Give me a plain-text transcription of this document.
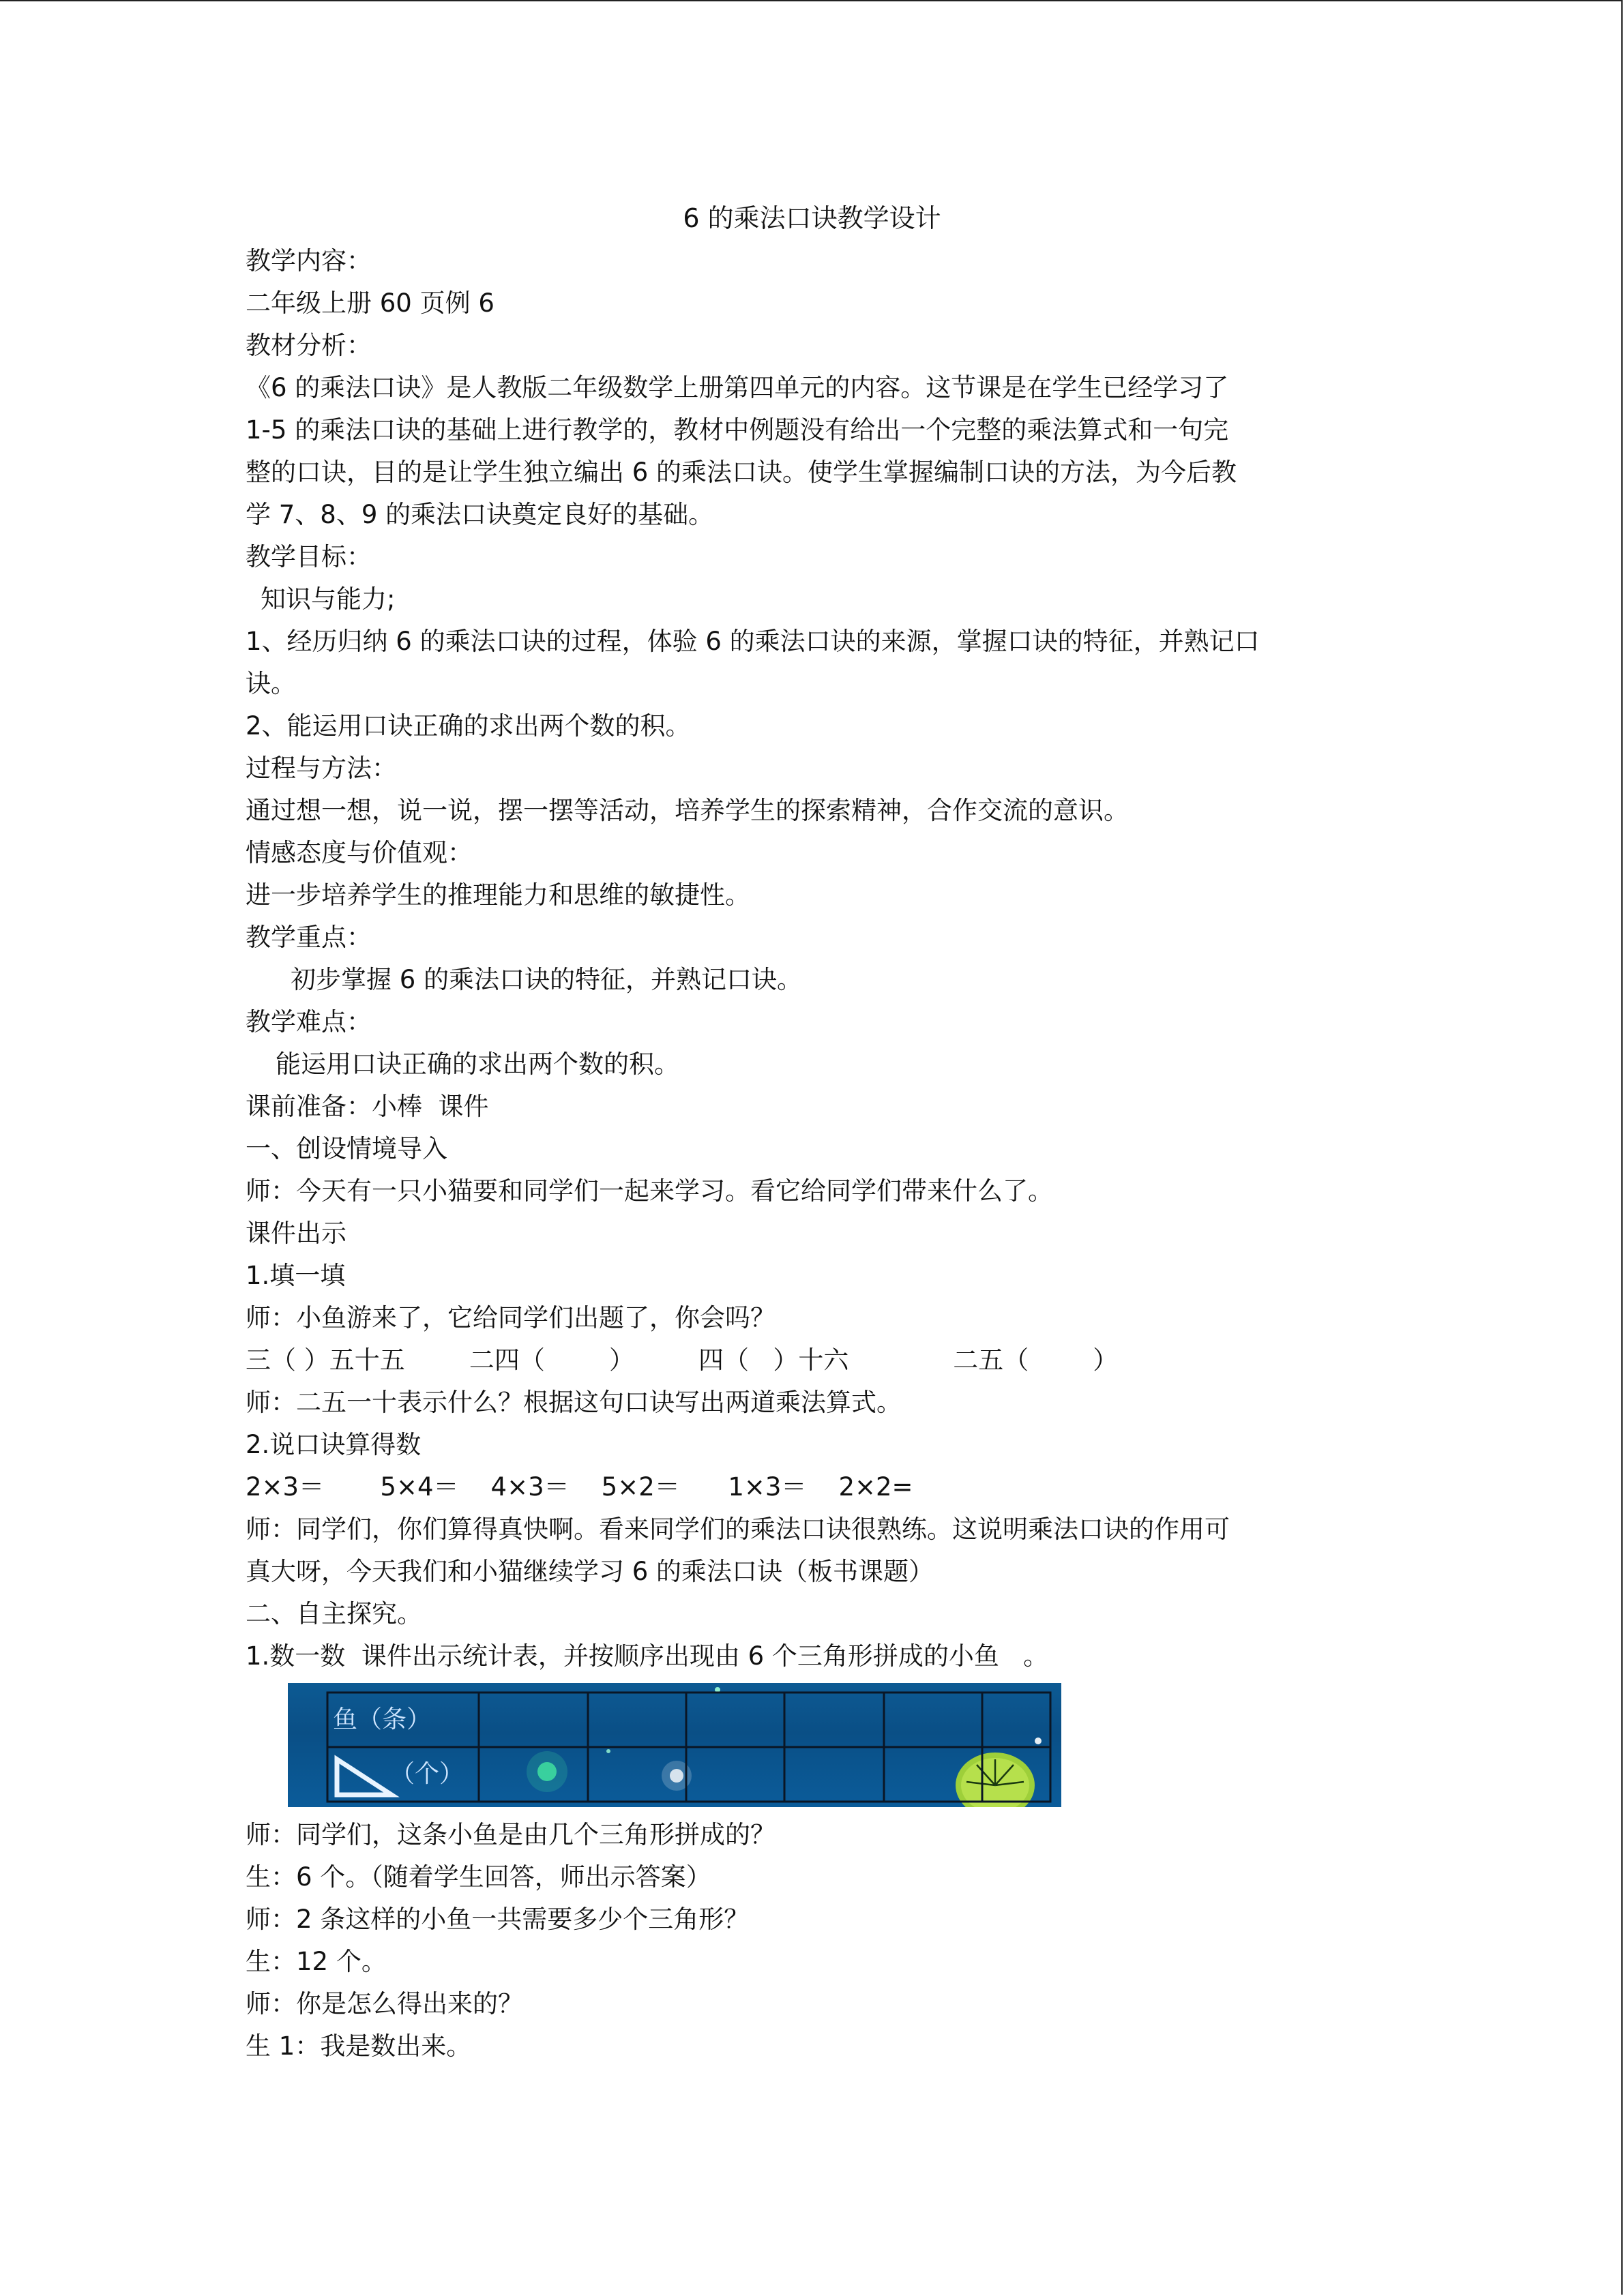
6 的乘法口诀教学设计
教学内容：
二年级上册 60 页例 6
教材分析：
《6 的乘法口诀》是人教版二年级数学上册第四单元的内容。这节课是在学生已经学习了
1-5 的乘法口诀的基础上进行教学的，教材中例题没有给出一个完整的乘法算式和一句完
整的口诀，目的是让学生独立编出 6 的乘法口诀。使学生掌握编制口诀的方法，为今后教
学 7、8、9 的乘法口诀奠定良好的基础。
教学目标：
知识与能力;
1、经历归纳 6 的乘法口诀的过程，体验 6 的乘法口诀的来源，掌握口诀的特征，并熟记口
诀。
2、能运用口诀正确的求出两个数的积。
过程与方法：
通过想一想，说一说，摆一摆等活动，培养学生的探索精神，合作交流的意识。
情感态度与价值观：
进一步培养学生的推理能力和思维的敏捷性。
教学重点：
初步掌握 6 的乘法口诀的特征，并熟记口诀。
教学难点：
能运用口诀正确的求出两个数的积。
课前准备：小棒  课件
一、创设情境导入
师：今天有一只小猫要和同学们一起来学习。看它给同学们带来什么了。
课件出示
1.填一填
师：小鱼游来了，它给同学们出题了，你会吗？
三（ ）五十五        二四（        ）        四（   ）十六             二五（        ）
师：二五一十表示什么？根据这句口诀写出两道乘法算式。
2.说口诀算得数
2×3＝       5×4＝    4×3＝    5×2＝      1×3＝    2×2=
师：同学们，你们算得真快啊。看来同学们的乘法口诀很熟练。这说明乘法口诀的作用可
真大呀，今天我们和小猫继续学习 6 的乘法口诀（板书课题）
二、自主探究。
1.数一数  课件出示统计表，并按顺序出现由 6 个三角形拼成的小鱼   。
鱼（条）
（个）
师：同学们，这条小鱼是由几个三角形拼成的？
生：6 个。（随着学生回答，师出示答案）
师：2 条这样的小鱼一共需要多少个三角形？
生：12 个。
师：你是怎么得出来的？
生 1：我是数出来。
